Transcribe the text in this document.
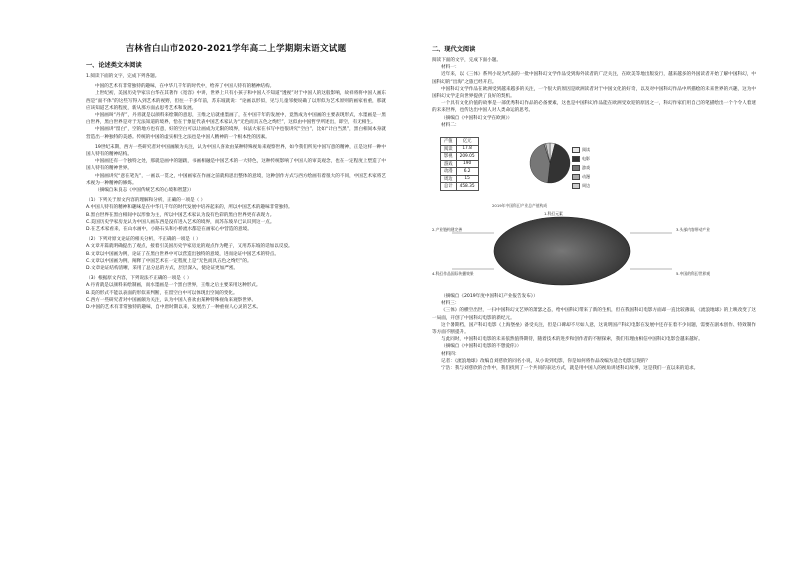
吉林省白山市2020-2021学年高二上学期期末语文试题
一、论述类文本阅读

1.阅读下面的文字，完成下列各题。

中国的艺术有非常独特的趣味，在中华几千年的时代中，给养了中国人特有的精神结构。

上世纪初，美国历史学家宗白华在其著作《宽容》中讲，世界上只有小孩子和中国人不知道“透视”对于中国人的这般影响，故祥将将中国人画东西是“面不体”的这些写得入到艺术的视野，但往一千多年前，苏东坡就说：“论画以形似，见与儿童邻便说确了以形似为艺术原则的画家看重，那就应该知道艺术的程度，新从那方面去思考艺术和发展。

中国画叫“丹青”，丹青就是以颜料来绘制的意思，王维之后就重墨画了，在中国千年的发展中，竟然成为中国画的主要表现形式，水墨画是一黑白世界，黑白世界是对于无法知道的境界，恰在于象征代表中国艺术家认为“无色而具五色之绚烂”，这似由中国哲学所述出，即空，有无相生。

中国画讲“留白”，空的地方也有意，好的空白可以让画成为无限的境界，书法大家在书写中也很讲究“空白”，比如“计白当黑”，黑白相间本身就营造出一种独特的美感。传统的中国的虚实相生之法也是中国人精神的一个根本性的因素。

19世纪末期，西方一些研究者对中国画颇为关注，认为中国人喜欢由某种特殊视角来观察世界，如今我们所见中国写意的精神，正是这样一种中国人特有的精神结构。

中国画还有一个独特之处，那就是画中的题跋，书画相融是中国艺术的一大特色，这种传统影响了中国人的审美观念，也在一定程度上塑造了中国人特有的精神世界。

中国画讲究“意在笔先”，一画以一贯之，中国画家在作画之前就构思出整体的意境，这种创作方式与西方绘画有着很大的不同，中国艺术家将艺术视为一种精神的修炼。

（摘编自朱良志《中国传统艺术的心境和智慧》）

（1）下列关于原文内容的理解和分析，正确的一项是（ ）

A.中国人特有的精神和趣味是在中华几千年的时代发展中培养起来的，所以中国艺术的趣味非常独特。

B.黑白世界在黑白相间中以形象为主，所以中国艺术家认为没有色彩的黑白世界更有表现力。

C.美国历史学家房龙认为中国人画东西是没有进入艺术的境界，而苏东坡早已认识到这一点。

D.在艺术家看来，在山水画中，小路石头和小桥流水都是在画家心中营造的意境。

（2）下列对原文论证的相关分析，不正确的一项是（ ）

A.文章开篇就明确提出了观点，接着引美国历史学家房龙的观点作为靶子，又用苏东坡的话加以反驳。

B.文章以中国画为例，论证了在黑白世界中可以营造出独特的意境，进而论证中国艺术的特点。

C.文章以中国画为例，阐释了中国艺术在一定程度上是“无色而具五色之绚烂”的。

D.文章论证结构清晰，采用了总分总的方式，层层深入，使论证更加严密。

（3）根据原文内容，下列说法不正确的一项是（ ）

A.丹青就是以颜料来绘制画，而水墨画是一个黑白世界，王维之后主要采用这种形式。

B.美的形式不能以表面的形似来判断，在留空白中可以体现出空间的变化。

C.西方一些研究者对中国画颇为关注，认为中国人喜欢由某种特殊视角来观察世界。

D.中国的艺术有非常独特的趣味，自中唐时期以来，发展出了一种重视人心灵的艺术。

二、现代文阅读

阅读下面的文字，完成下面小题。

材料一：

近年来，以《三体》系列小说为代表的一批中国科幻文学作品受到海外读者的广泛关注，在欧美等地出版发行，越来越多的外国读者开始了解中国科幻，中国科幻的“出海”之旅已经开启。

中国科幻文学作品在欧洲受到越来越多的关注，一个很大的原因是欧洲读者对于中国文化的好奇，以及对中国科幻作品中所描绘的未来世界的兴趣，这为中国科幻文学走向世界提供了良好的契机。

一个具有文化价值的故事是一部优秀科幻作品的必备要素，这也是中国科幻作品能在欧洲受欢迎的原因之一，科幻作家们用自己的笔描绘出一个个令人着迷的未来世界，也传达出中国人对人类命运的思考。

（摘编自《中国科幻文学在欧洲》）

材料二：

产值	亿元
阅读	17.8
影视	209.05
游戏	190
动漫	6.2
周边	15
总计	458.35
阅读
电影
游戏
动漫
周边
2019年中国科幻产业总产值构成
2.产业链构建完善
1.科幻元素
3.头部内容带动产业
4.科幻作品国际传播效果	5.中国的科幻世界观

（摘编自《2019年度中国科幻产业报告发布》）

材料三：

《三体》的横空出世，一扫中国科幻文艺界的萧瑟之态，给中国科幻带来了新的生机，但在我国科幻电影方面却一直比较薄弱，《流浪地球》的上映改变了这一局面，开创了中国科幻电影的新纪元。

这个暑期档，国产科幻电影《上海堡垒》备受关注，但是口碑却不尽如人意，这说明国产科幻电影在发展中还存在着不少问题，需要在剧本创作、特效制作等方面不断提升。

与此同时，中国科幻电影的未来依然值得期待，随着技术的进步和创作者的不断探索，我们有理由相信中国科幻电影会越来越好。

（摘编自《中国科幻电影的不想爱你》）

材料四：

记者：《流浪地球》改编自刘慈欣的同名小说，从小说到电影，你是如何将作品改编为适合电影呈现的？

宁浩：我与刘慈欣的合作中，我们找到了一个共同的表达方式，就是用中国人的视角讲述科幻故事，这是我们一直以来的追求。
